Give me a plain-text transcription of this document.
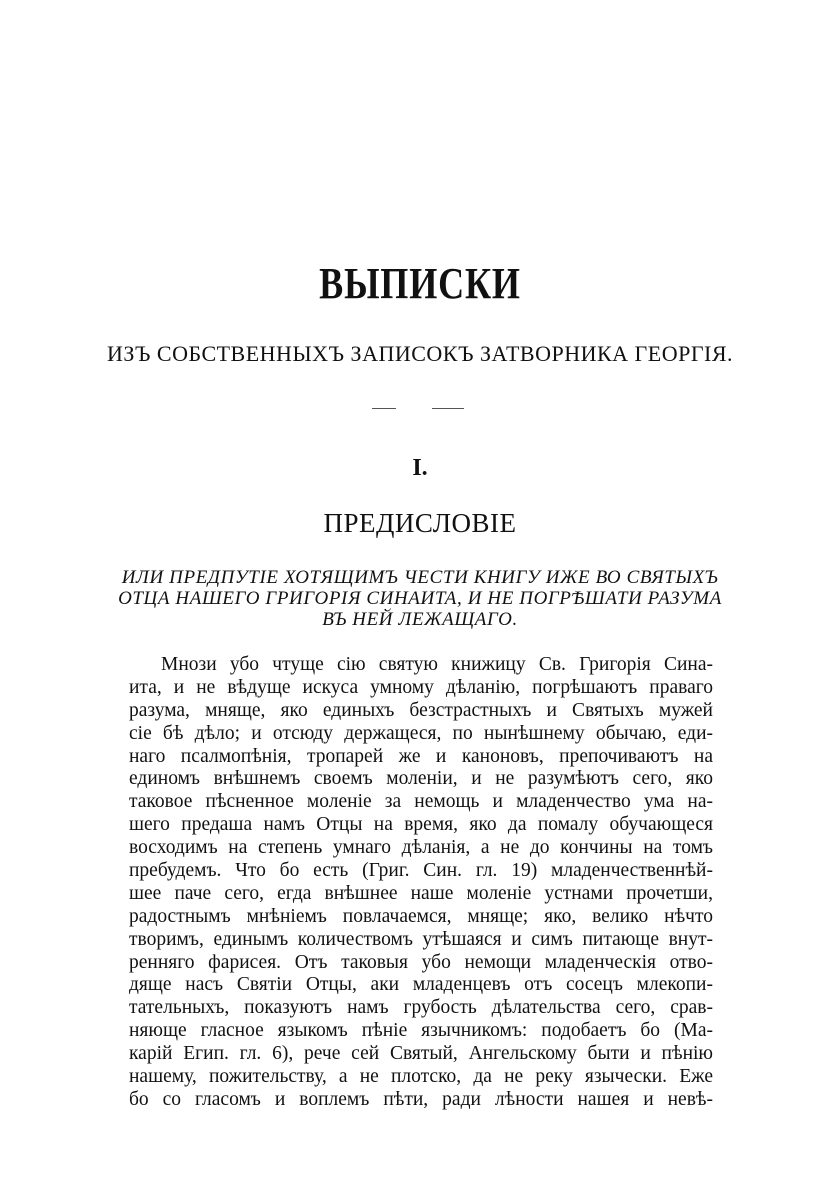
ВЫПИСКИ
ИЗЪ СОБСТВЕННЫХЪ ЗАПИСОКЪ ЗАТВОРНИКА ГЕОРГІЯ.
I.
ПРЕДИСЛОВІЕ
ИЛИ ПРЕДПУТІЕ ХОТЯЩИМЪ ЧЕСТИ КНИГУ ИЖЕ ВО СВЯТЫХЪ
ОТЦА НАШЕГО ГРИГОРІЯ СИНАИТА, И НЕ ПОГРѢШАТИ РАЗУМА
ВЪ НЕЙ ЛЕЖАЩАГО.
Мнози убо чтуще сію святую книжицу Св. Григорія Сина-
ита, и не вѣдуще искуса умному дѣланію, погрѣшаютъ праваго
разума, мняще, яко единыхъ безстрастныхъ и Святыхъ мужей
сіе бѣ дѣло; и отсюду держащеся, по нынѣшнему обычаю, еди-
наго псалмопѣнія, тропарей же и каноновъ, препочиваютъ на
единомъ внѣшнемъ своемъ моленіи, и не разумѣютъ сего, яко
таковое пѣсненное моленіе за немощь и младенчество ума на-
шего предаша намъ Отцы на время, яко да помалу обучающеся
восходимъ на степень умнаго дѣланія, а не до кончины на томъ
пребудемъ. Что бо есть (Григ. Син. гл. 19) младенчественнѣй-
шее паче сего, егда внѣшнее наше моленіе устнами прочетши,
радостнымъ мнѣніемъ повлачаемся, мняще; яко, велико нѣчто
творимъ, единымъ количествомъ утѣшаяся и симъ питающе внут-
ренняго фарисея. Отъ таковыя убо немощи младенческія отво-
дяще насъ Святіи Отцы, аки младенцевъ отъ сосецъ млекопи-
тательныхъ, показуютъ намъ грубость дѣлательства сего, срав-
няюще гласное языкомъ пѣніе язычникомъ: подобаетъ бо (Ма-
карій Егип. гл. 6), рече сей Святый, Ангельскому быти и пѣнію
нашему, пожительству, а не плотско, да не реку язычески. Еже
бо со гласомъ и воплемъ пѣти, ради лѣности нашея и невѣ-
